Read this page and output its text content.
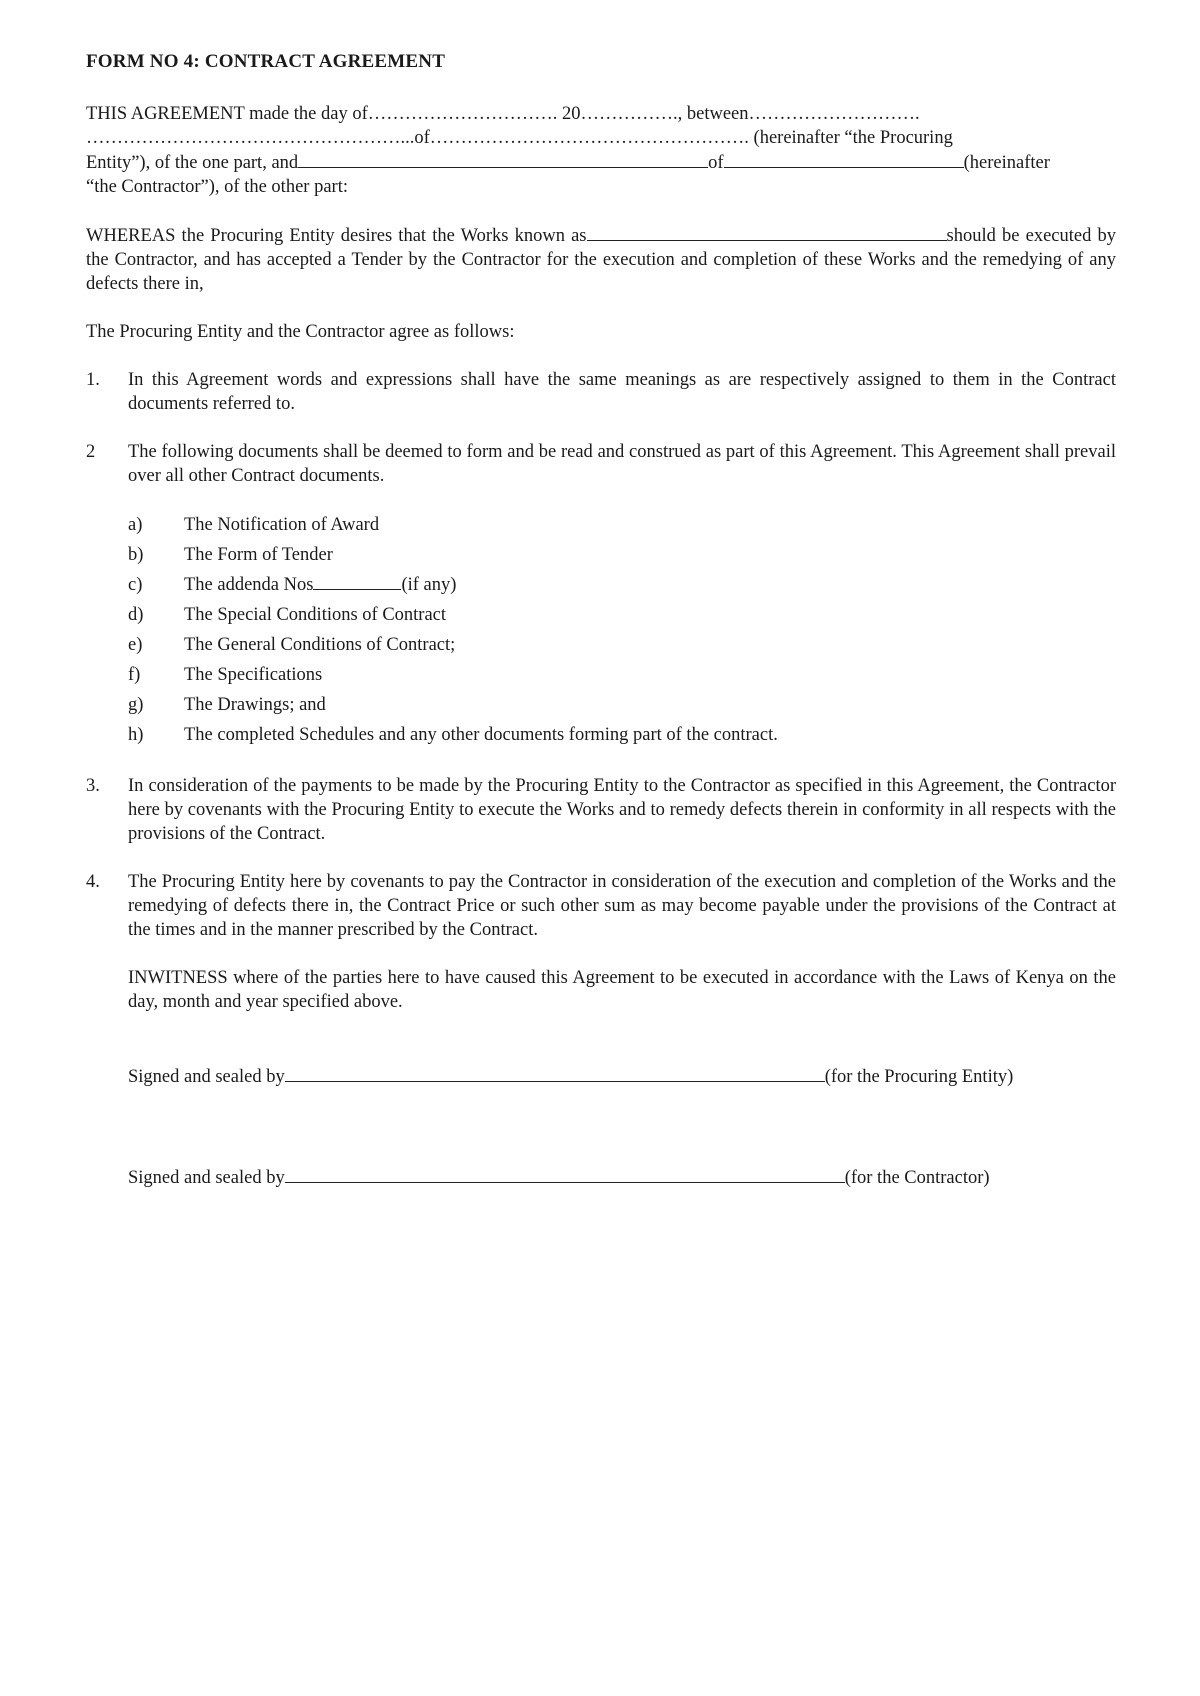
FORM NO 4: CONTRACT AGREEMENT

THIS AGREEMENT made the day of…………………………. 20……………., between……………………….

……………………………………………...of……………………………………………. (hereinafter “the Procuring

Entity”), of the one part, and	of	(hereinafter

“the Contractor”), of the other part:

WHEREAS the Procuring Entity desires that the Works known as	should be executed by the Contractor, and has accepted a Tender by the Contractor for the execution and completion of these Works and the remedying of any defects there in,

The Procuring Entity and the Contractor agree as follows:

1.	In this Agreement words and expressions shall have the same meanings as are respectively assigned to them in the Contract documents referred to.
2	The following documents shall be deemed to form and be read and construed as part of this Agreement. This Agreement shall prevail over all other Contract documents.
a)	The Notification of Award
b)	The Form of Tender
c)	The addenda Nos	(if any)
d)	The Special Conditions of Contract
e)	The General Conditions of Contract;
f)	The Specifications
g)	The Drawings; and
h)	The completed Schedules and any other documents forming part of the contract.
3.	In consideration of the payments to be made by the Procuring Entity to the Contractor as specified in this Agreement, the Contractor here by covenants with the Procuring Entity to execute the Works and to remedy defects therein in conformity in all respects with the provisions of the Contract.
4.	The Procuring Entity here by covenants to pay the Contractor in consideration of the execution and completion of the Works and the remedying of defects there in, the Contract Price or such other sum as may become payable under the provisions of the Contract at the times and in the manner prescribed by the Contract.

INWITNESS where of the parties here to have caused this Agreement to be executed in accordance with the Laws of Kenya on the day, month and year specified above.

Signed and sealed by	(for the Procuring Entity)
Signed and sealed by	(for the Contractor)
